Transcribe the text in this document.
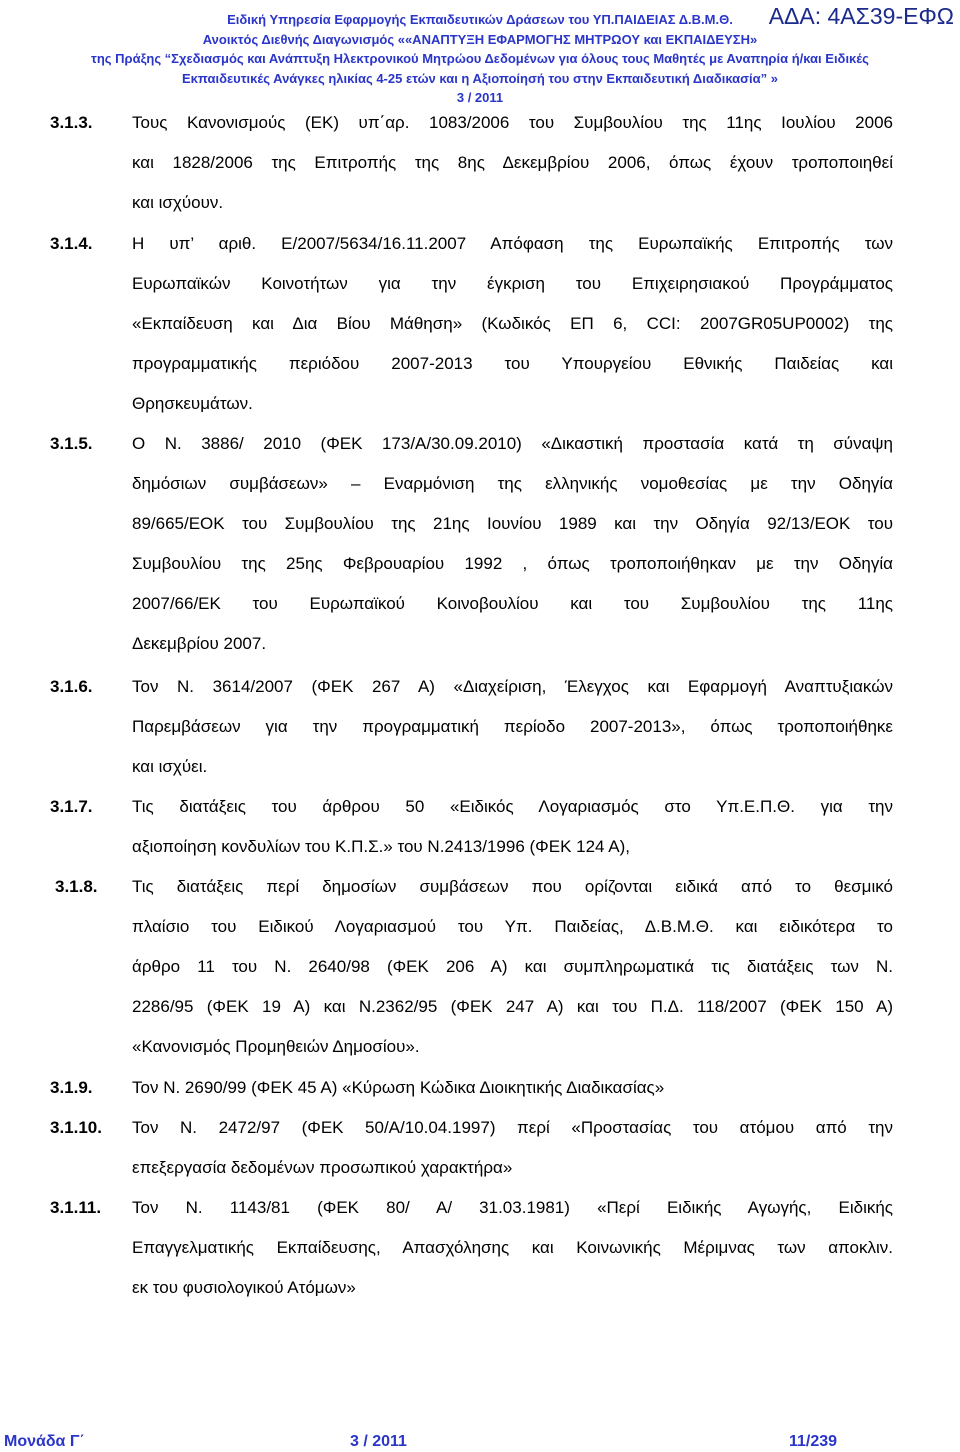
Ειδική Υπηρεσία Εφαρμογής Εκπαιδευτικών Δράσεων του ΥΠ.ΠΑΙΔΕΙΑΣ Δ.Β.Μ.Θ.
Ανοικτός Διεθνής Διαγωνισμός ««ΑΝΑΠΤΥΞΗ ΕΦΑΡΜΟΓΗΣ ΜΗΤΡΩΟΥ και ΕΚΠΑΙΔΕΥΣΗ»
της Πράξης “Σχεδιασμός και Ανάπτυξη Ηλεκτρονικού Μητρώου Δεδομένων για όλους τους Μαθητές με Αναπηρία ή/και Ειδικές
Εκπαιδευτικές Ανάγκες ηλικίας 4-25 ετών και η Αξιοποίησή του στην Εκπαιδευτική Διαδικασία” »
3 / 2011
ΑΔΑ: 4ΑΣ39-ΕΦΩ
3.1.3. Τους Κανονισμούς (ΕΚ) υπ΄αρ. 1083/2006 του Συμβουλίου της 11ης Ιουλίου 2006
και 1828/2006 της Επιτροπής της 8ης Δεκεμβρίου 2006, όπως έχουν τροποποιηθεί
και ισχύουν.
3.1.4. Η υπ’ αριθ. Ε/2007/5634/16.11.2007 Απόφαση της Ευρωπαϊκής Επιτροπής των
Ευρωπαϊκών Κοινοτήτων για την έγκριση του Επιχειρησιακού Προγράμματος
«Εκπαίδευση και Δια Βίου Μάθηση» (Κωδικός ΕΠ 6, CCI: 2007GR05UP0002) της
προγραμματικής περιόδου 2007-2013 του Υπουργείου Εθνικής Παιδείας και
Θρησκευμάτων.
3.1.5. Ο Ν. 3886/ 2010 (ΦΕΚ 173/Α/30.09.2010) «Δικαστική προστασία κατά τη σύναψη
δημόσιων συμβάσεων» – Εναρμόνιση της ελληνικής νομοθεσίας με την Οδηγία
89/665/ΕΟΚ του Συμβουλίου της 21ης Ιουνίου 1989 και την Οδηγία 92/13/ΕΟΚ του
Συμβουλίου της 25ης Φεβρουαρίου 1992 , όπως τροποποιήθηκαν με την Οδηγία
2007/66/ΕΚ του Ευρωπαϊκού Κοινοβουλίου και του Συμβουλίου της 11ης
Δεκεμβρίου 2007.
3.1.6. Τον Ν. 3614/2007 (ΦΕΚ 267 Α) «Διαχείριση, Έλεγχος και Εφαρμογή Αναπτυξιακών
Παρεμβάσεων για την προγραμματική περίοδο 2007-2013», όπως τροποποιήθηκε
και ισχύει.
3.1.7. Τις διατάξεις του άρθρου 50 «Ειδικός Λογαριασμός στο Υπ.Ε.Π.Θ. για την
αξιοποίηση κονδυλίων του Κ.Π.Σ.» του Ν.2413/1996 (ΦΕΚ 124 Α),
3.1.8. Τις διατάξεις περί δημοσίων συμβάσεων που ορίζονται ειδικά από το θεσμικό
πλαίσιο του Ειδικού Λογαριασμού του Υπ. Παιδείας, Δ.Β.Μ.Θ. και ειδικότερα το
άρθρο 11 του Ν. 2640/98 (ΦΕΚ 206 Α) και συμπληρωματικά τις διατάξεις των Ν.
2286/95 (ΦΕΚ 19 Α) και Ν.2362/95 (ΦΕΚ 247 Α) και του Π.Δ. 118/2007 (ΦΕΚ 150 Α)
«Κανονισμός Προμηθειών Δημοσίου».
3.1.9. Τον Ν. 2690/99 (ΦΕΚ 45 Α) «Κύρωση Κώδικα Διοικητικής Διαδικασίας»
3.1.10. Τον Ν. 2472/97 (ΦΕΚ 50/Α/10.04.1997) περί «Προστασίας του ατόμου από την
επεξεργασία δεδομένων προσωπικού χαρακτήρα»
3.1.11. Τον Ν. 1143/81 (ΦΕΚ 80/ Α/ 31.03.1981) «Περί Ειδικής Αγωγής, Ειδικής
Επαγγελματικής Εκπαίδευσης, Απασχόλησης και Κοινωνικής Μέριμνας των αποκλιν.
εκ του φυσιολογικού Ατόμων»
Μονάδα Γ΄	3 / 2011	11/239
